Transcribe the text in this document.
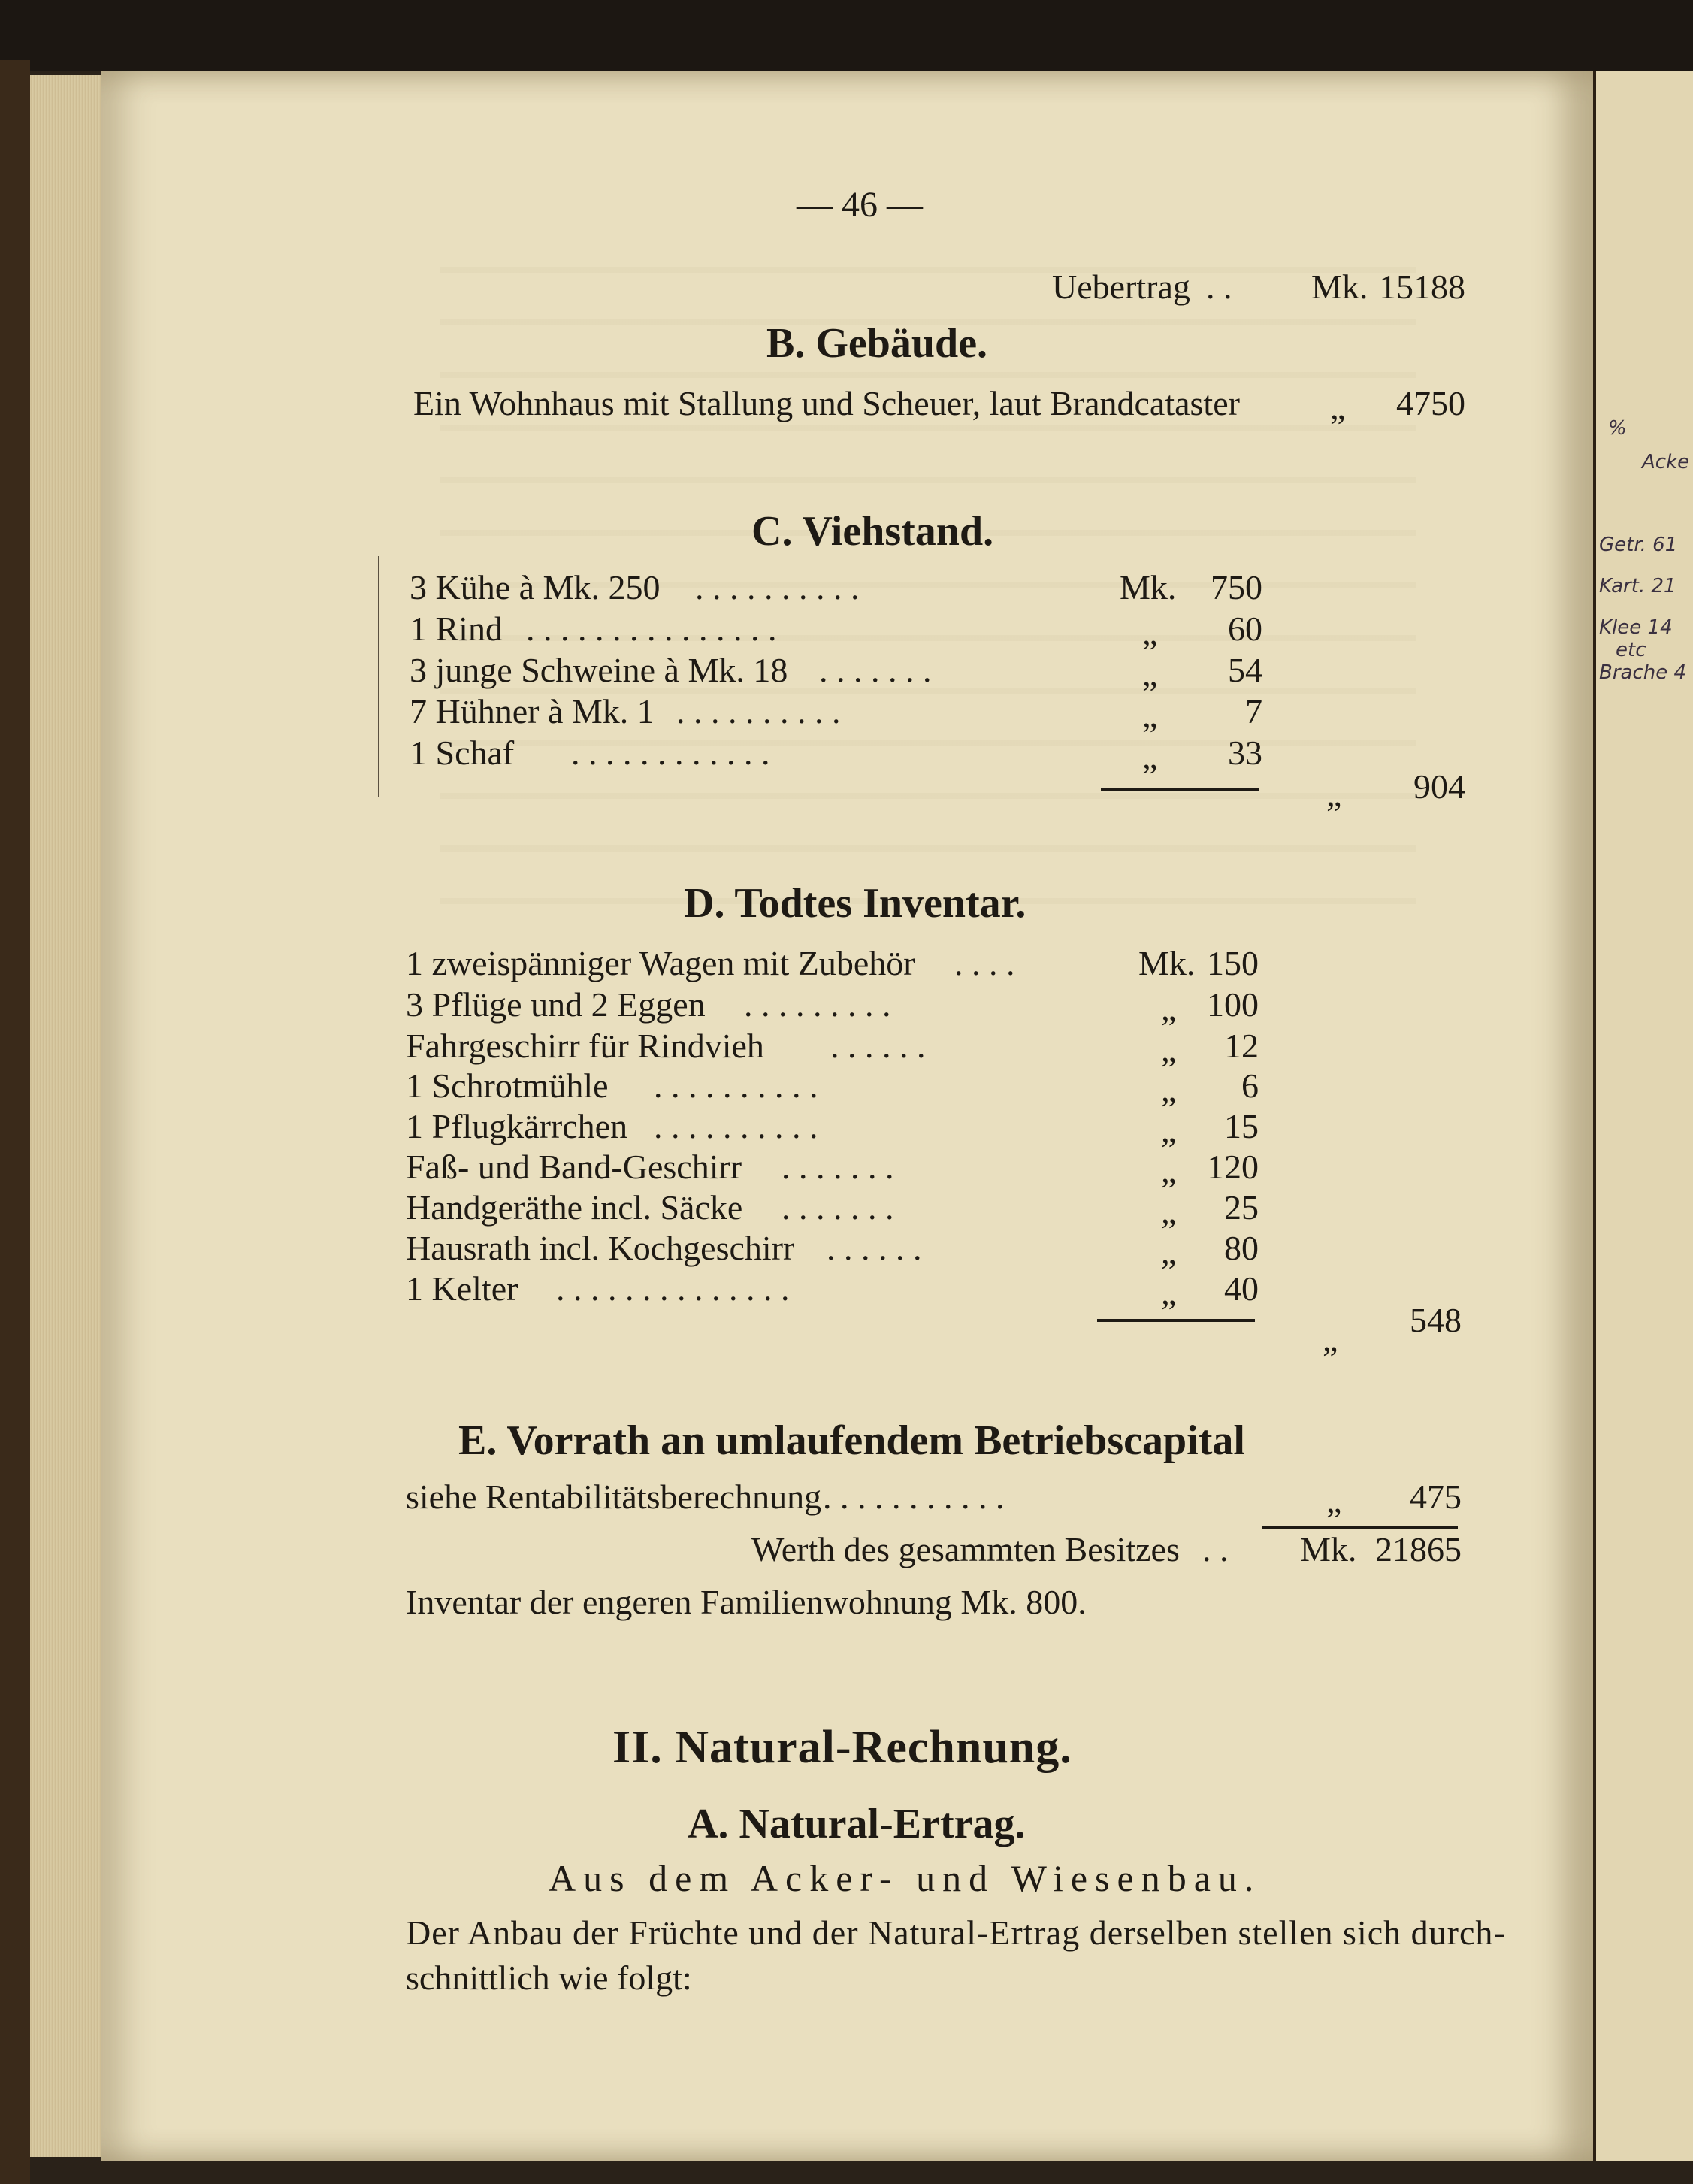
— 46 —
Uebertrag . . Mk. 15188
B. Gebäude.
Ein Wohnhaus mit Stallung und Scheuer, laut Brandcataster	„	4750
C. Viehstand.
3 Kühe à Mk. 250 . . . . . . . . . .	Mk. 750
1 Rind . . . . . . . . . . . . . . .	„	60
3 junge Schweine à Mk. 18 . . . . . . .	„	54
7 Hühner à Mk. 1 . . . . . . . . . .	„	7
1 Schaf . . . . . . . . . . . .	„	33
„	904
D. Todtes Inventar.
1 zweispänniger Wagen mit Zubehör . . . .	Mk. 150
3 Pflüge und 2 Eggen . . . . . . . . .	„ 100
Fahrgeschirr für Rindvieh . . . . . .	„	12
1 Schrotmühle . . . . . . . . . .	„	6
1 Pflugkärrchen . . . . . . . . . .	„	15
Faß- und Band-Geschirr . . . . . . .	„ 120
Handgeräthe incl. Säcke . . . . . . .	„	25
Hausrath incl. Kochgeschirr . . . . . .	„	80
1 Kelter . . . . . . . . . . . . . .	„	40
„	548
E. Vorrath an umlaufendem Betriebscapital
siehe Rentabilitätsberechnung . . . . . . . . . . .	„	475
Werth des gesammten Besitzes . . Mk. 21865
Inventar der engeren Familienwohnung Mk. 800.
II. Natural-Rechnung.
A. Natural-Ertrag.
Aus dem Acker- und Wiesenbau.
Der Anbau der Früchte und der Natural-Ertrag derselben stellen sich durch-
schnittlich wie folgt:
%
Acke
Getr. 61
Kart. 21
Klee 14
etc
Brache 4
